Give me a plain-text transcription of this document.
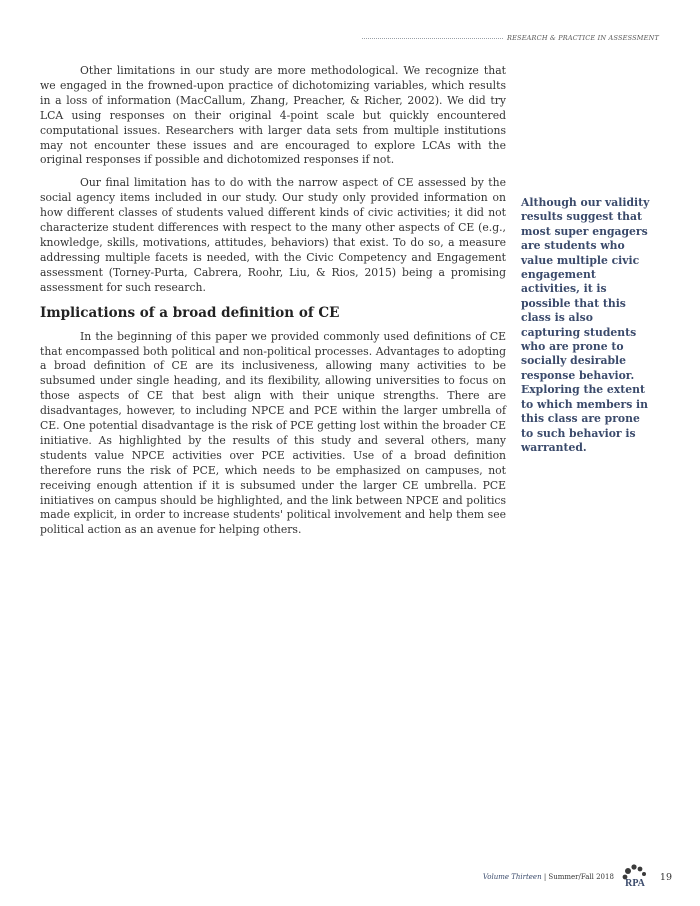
RESEARCH & PRACTICE IN ASSESSMENT

Other limitations in our study are more methodological. We recognize that we engaged in the frowned-upon practice of dichotomizing variables, which results in a loss of information (MacCallum, Zhang, Preacher, & Richer, 2002). We did try LCA using responses on their original 4-point scale but quickly encountered computational issues. Researchers with larger data sets from multiple institutions may not encounter these issues and are encouraged to explore LCAs with the original responses if possible and dichotomized responses if not.

Our final limitation has to do with the narrow aspect of CE assessed by the social agency items included in our study. Our study only provided information on how different classes of students valued different kinds of civic activities; it did not characterize student differences with respect to the many other aspects of CE (e.g., knowledge, skills, motivations, attitudes, behaviors) that exist. To do so, a measure addressing multiple facets is needed, with the Civic Competency and Engagement assessment (Torney-Purta, Cabrera, Roohr, Liu, & Rios, 2015) being a promising assessment for such research.

Implications of a broad definition of CE

In the beginning of this paper we provided commonly used definitions of CE that encompassed both political and non-political processes. Advantages to adopting a broad definition of CE are its inclusiveness, allowing many activities to be subsumed under single heading, and its flexibility, allowing universities to focus on those aspects of CE that best align with their unique strengths. There are disadvantages, however, to including NPCE and PCE within the larger umbrella of CE. One potential disadvantage is the risk of PCE getting lost within the broader CE initiative. As highlighted by the results of this study and several others, many students value NPCE activities over PCE activities. Use of a broad definition therefore runs the risk of PCE, which needs to be emphasized on campuses, not receiving enough attention if it is subsumed under the larger CE umbrella. PCE initiatives on campus should be highlighted, and the link between NPCE and politics made explicit, in order to increase students' political involvement and help them see political action as an avenue for helping others.

Although our validity results suggest that most super engagers are students who value multiple civic engagement activities, it is possible that this class is also capturing students who are prone to socially desirable response behavior. Exploring the extent to which members in this class are prone to such behavior is warranted.
Volume Thirteen | Summer/Fall 2018
RPA
19
